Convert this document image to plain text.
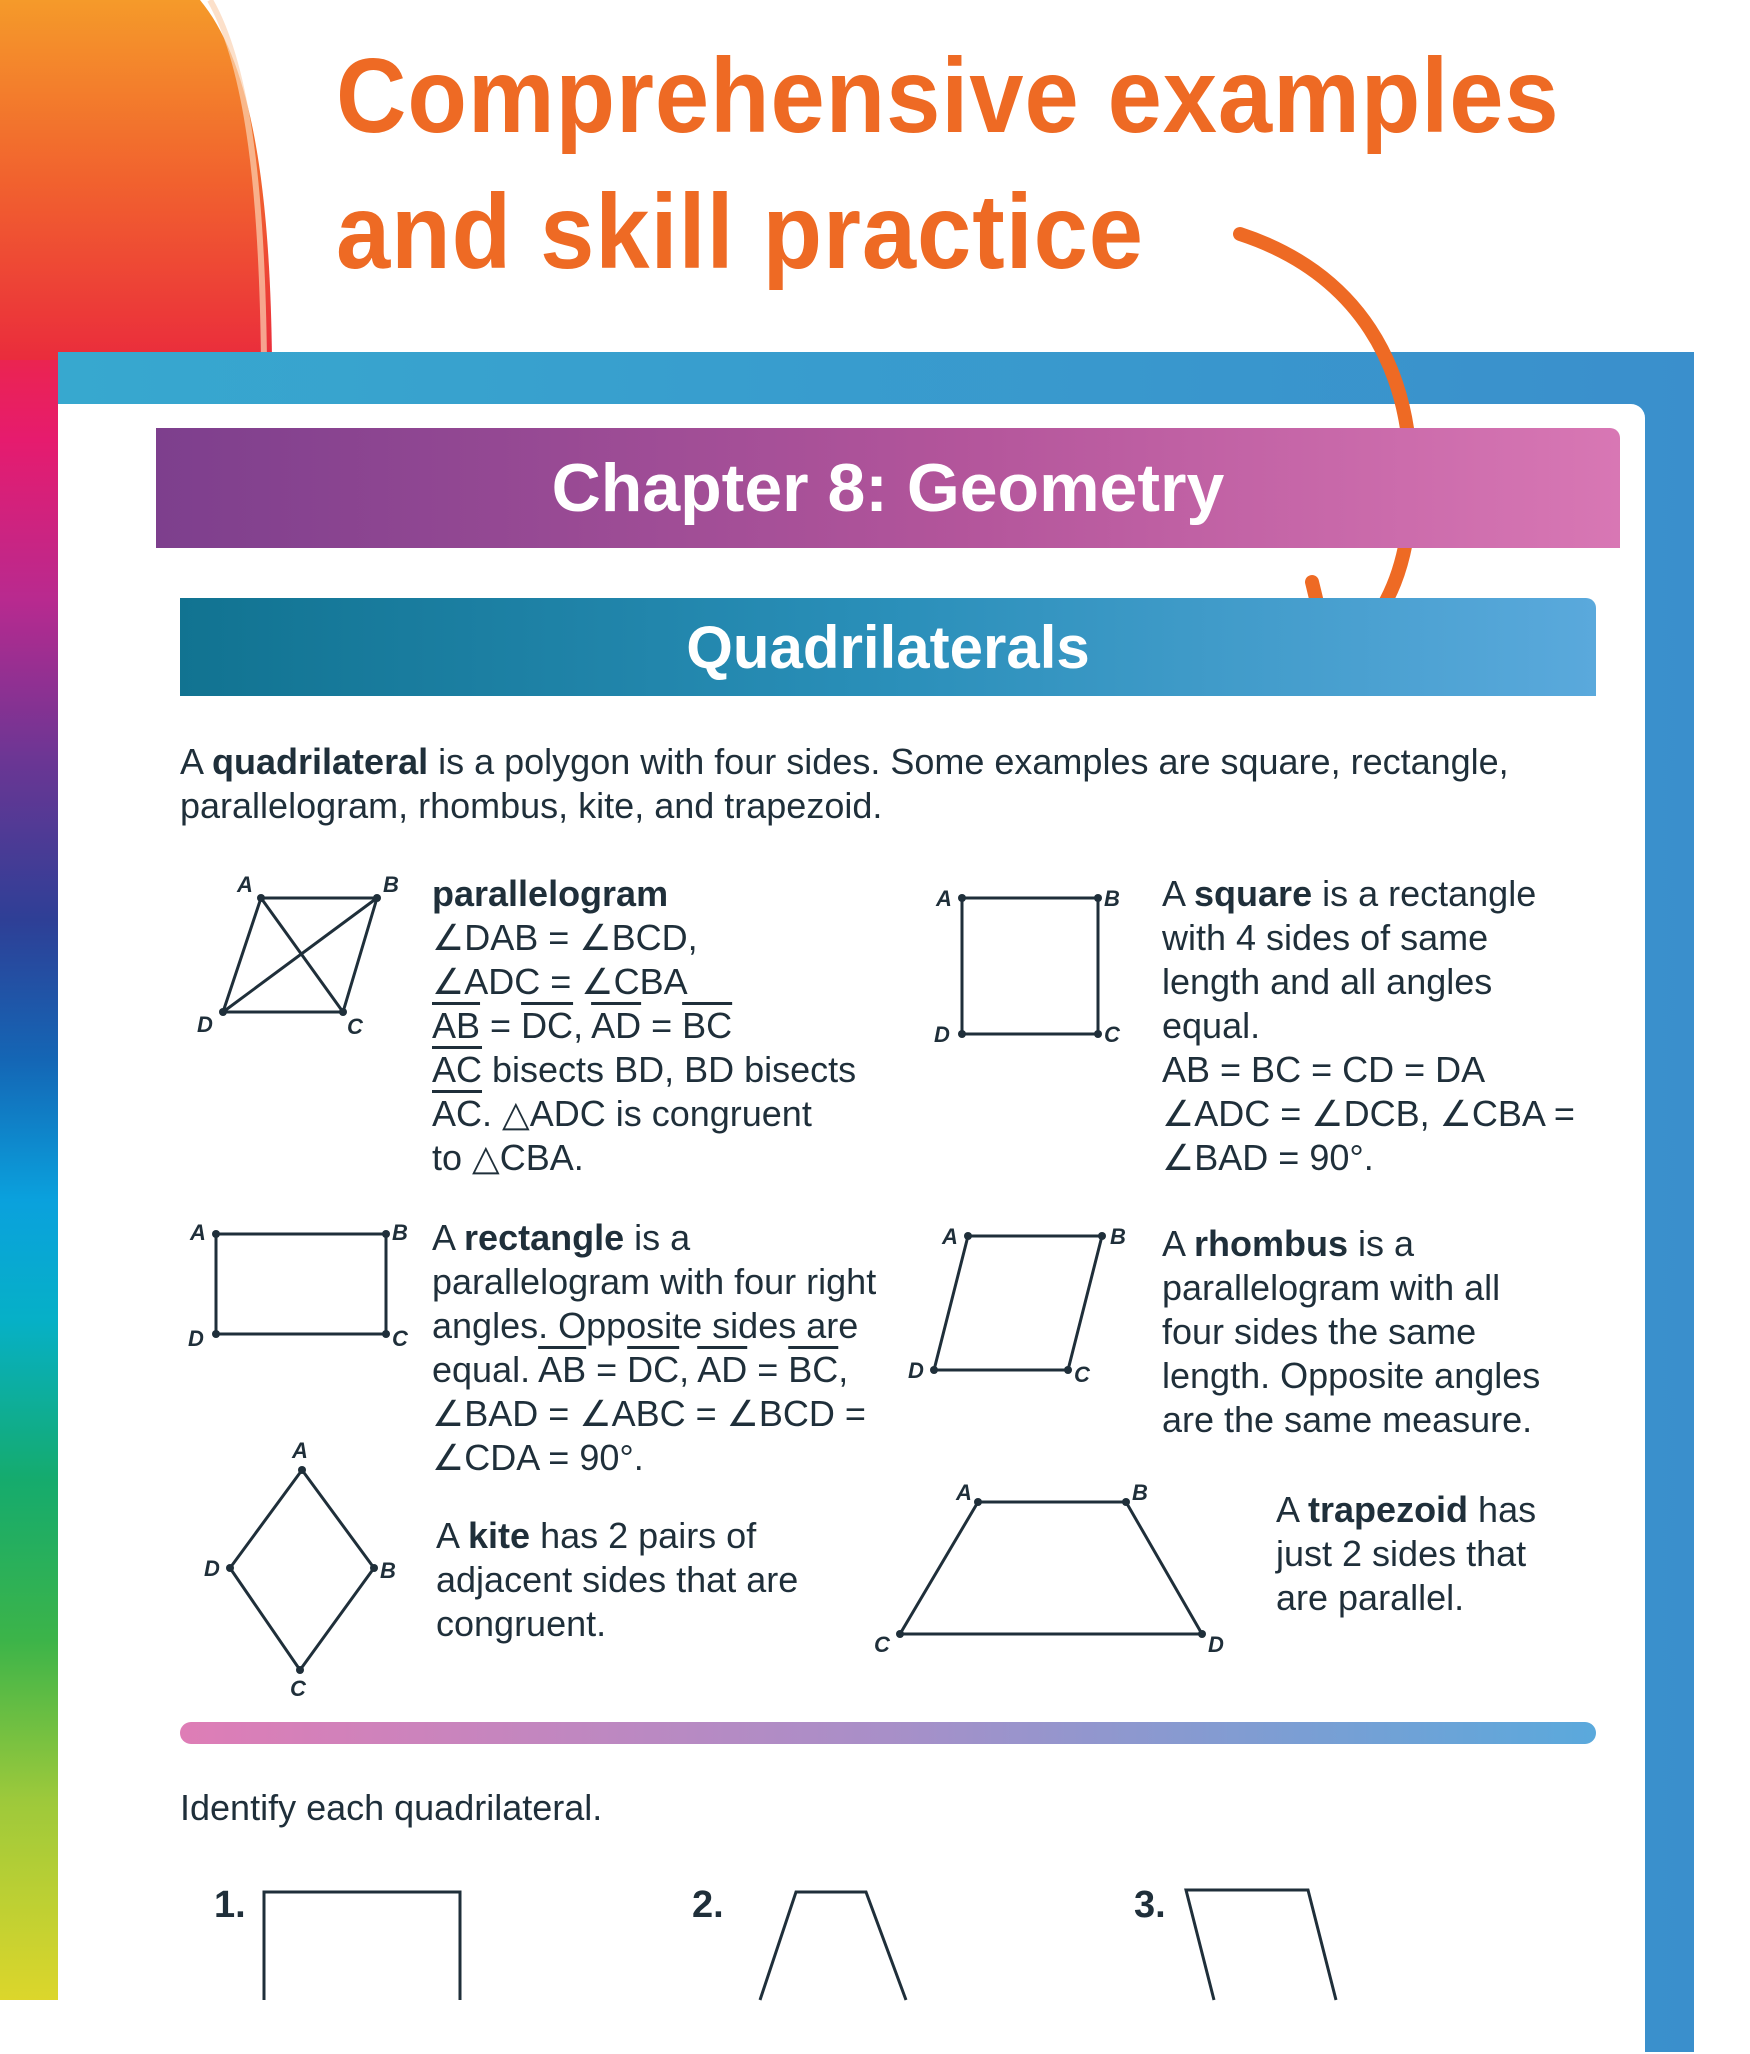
Comprehensive examples
and skill practice
Chapter 8: Geometry
Quadrilaterals
A quadrilateral is a polygon with four sides. Some examples are square, rectangle, parallelogram, rhombus, kite, and trapezoid.
A	B
C
D
parallelogram
∠DAB = ∠BCD,
∠ADC = ∠CBA
$\overline{AB} = \overline{DC}$, $\overline{AD} = \overline{BC}$
$\overline{AC}$ bisects BD, BD bisects
$\overline{AC}$. △ADC is congruent
to △CBA.
A	B
C
D
A square is a rectangle with 4 sides of same length and all angles equal.
AB = BC = CD = DA
∠ADC = ∠DCB, ∠CBA = ∠BAD = 90°.
A	B
C
D
A rectangle is a parallelogram with four right angles. Opposite sides are equal. $\overline{AB} = \overline{DC}$, $\overline{AD} = \overline{BC}$, ∠BAD = ∠ABC = ∠BCD = ∠CDA = 90°.
A	B
C
D
A rhombus is a parallelogram with all four sides the same length. Opposite angles are the same measure.
A
B
C
D
A kite has 2 pairs of adjacent sides that are congruent.
A	B
D
C
A trapezoid has just 2 sides that are parallel.
Identify each quadrilateral.
1.	2.	3.
